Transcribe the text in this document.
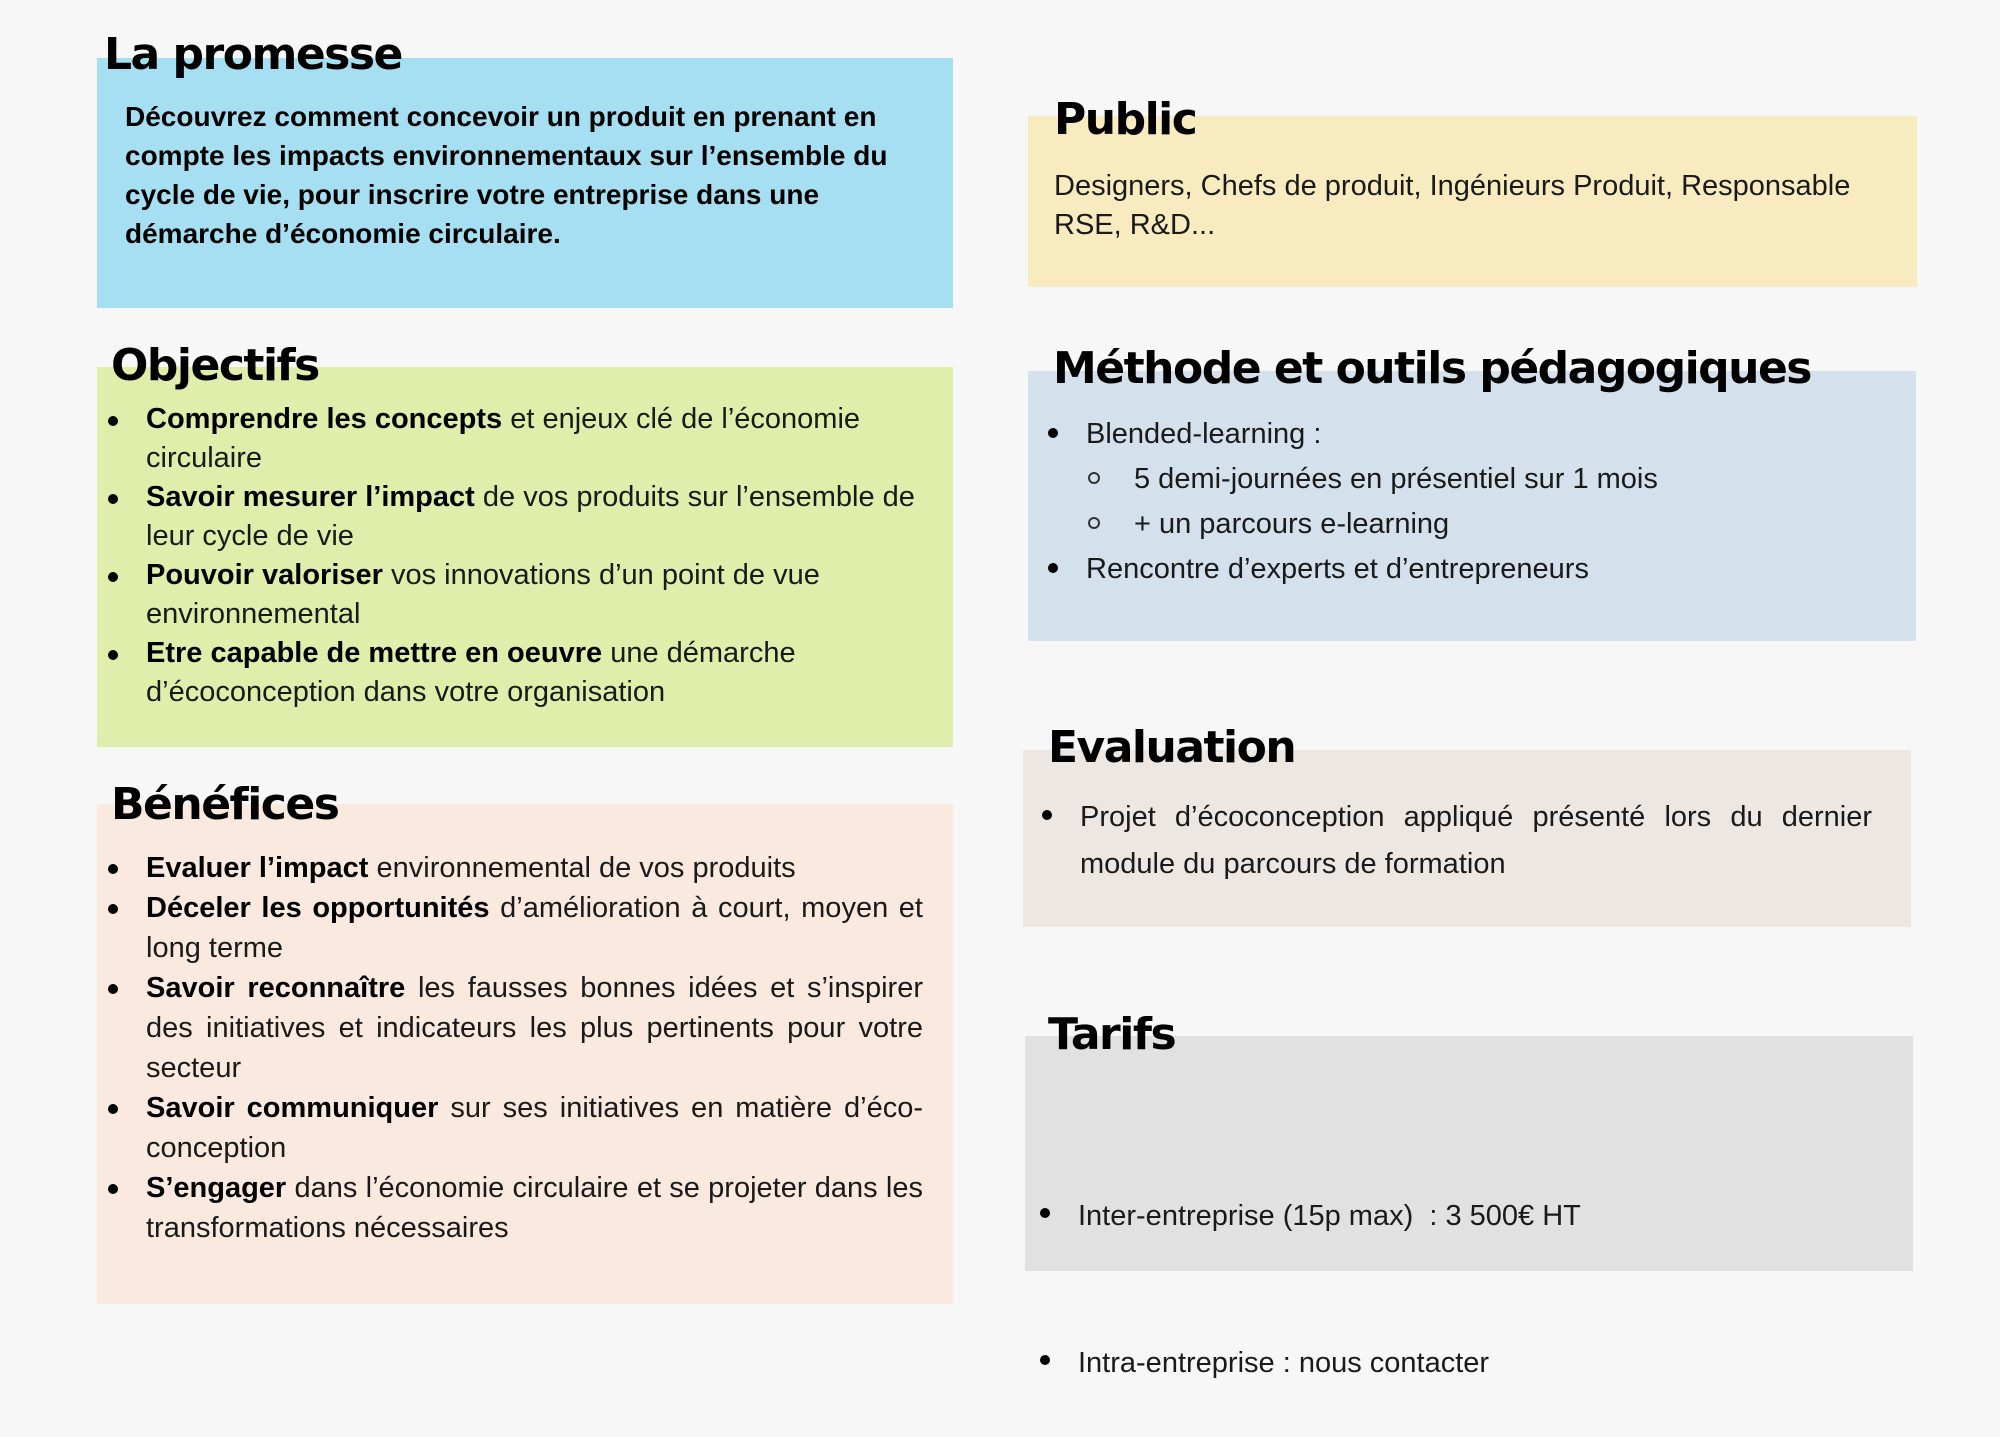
La promesse
Découvrez comment concevoir un produit en prenant en compte les impacts environnementaux sur l’ensemble du cycle de vie, pour inscrire votre entreprise dans une démarche d’économie circulaire.
Public
Designers, Chefs de produit, Ingénieurs Produit, Responsable RSE, R&D...
Objectifs
Comprendre les concepts et enjeux clé de l’économie circulaire
Savoir mesurer l’impact de vos produits sur l’ensemble de leur cycle de vie
Pouvoir valoriser vos innovations d’un point de vue environnemental
Etre capable de mettre en oeuvre une démarche d’écoconception dans votre organisation
Méthode et outils pédagogiques
Blended-learning :
5 demi-journées en présentiel sur 1 mois
+ un parcours e-learning
Rencontre d’experts et d’entrepreneurs
Bénéfices
Evaluer l’impact environnemental de vos produits
Déceler les opportunités d’amélioration à court, moyen et long terme
Savoir reconnaître les fausses bonnes idées et s’inspirer des initiatives et indicateurs les plus pertinents pour votre secteur
Savoir communiquer sur ses initiatives en matière d’éco-conception
S’engager dans l’économie circulaire et se projeter dans les transformations nécessaires
Evaluation
Projet d’écoconception appliqué présenté lors du dernier module du parcours de formation
Tarifs

Inter-entreprise (15p max)  : 3 500€ HT

Intra-entreprise : nous contacter
